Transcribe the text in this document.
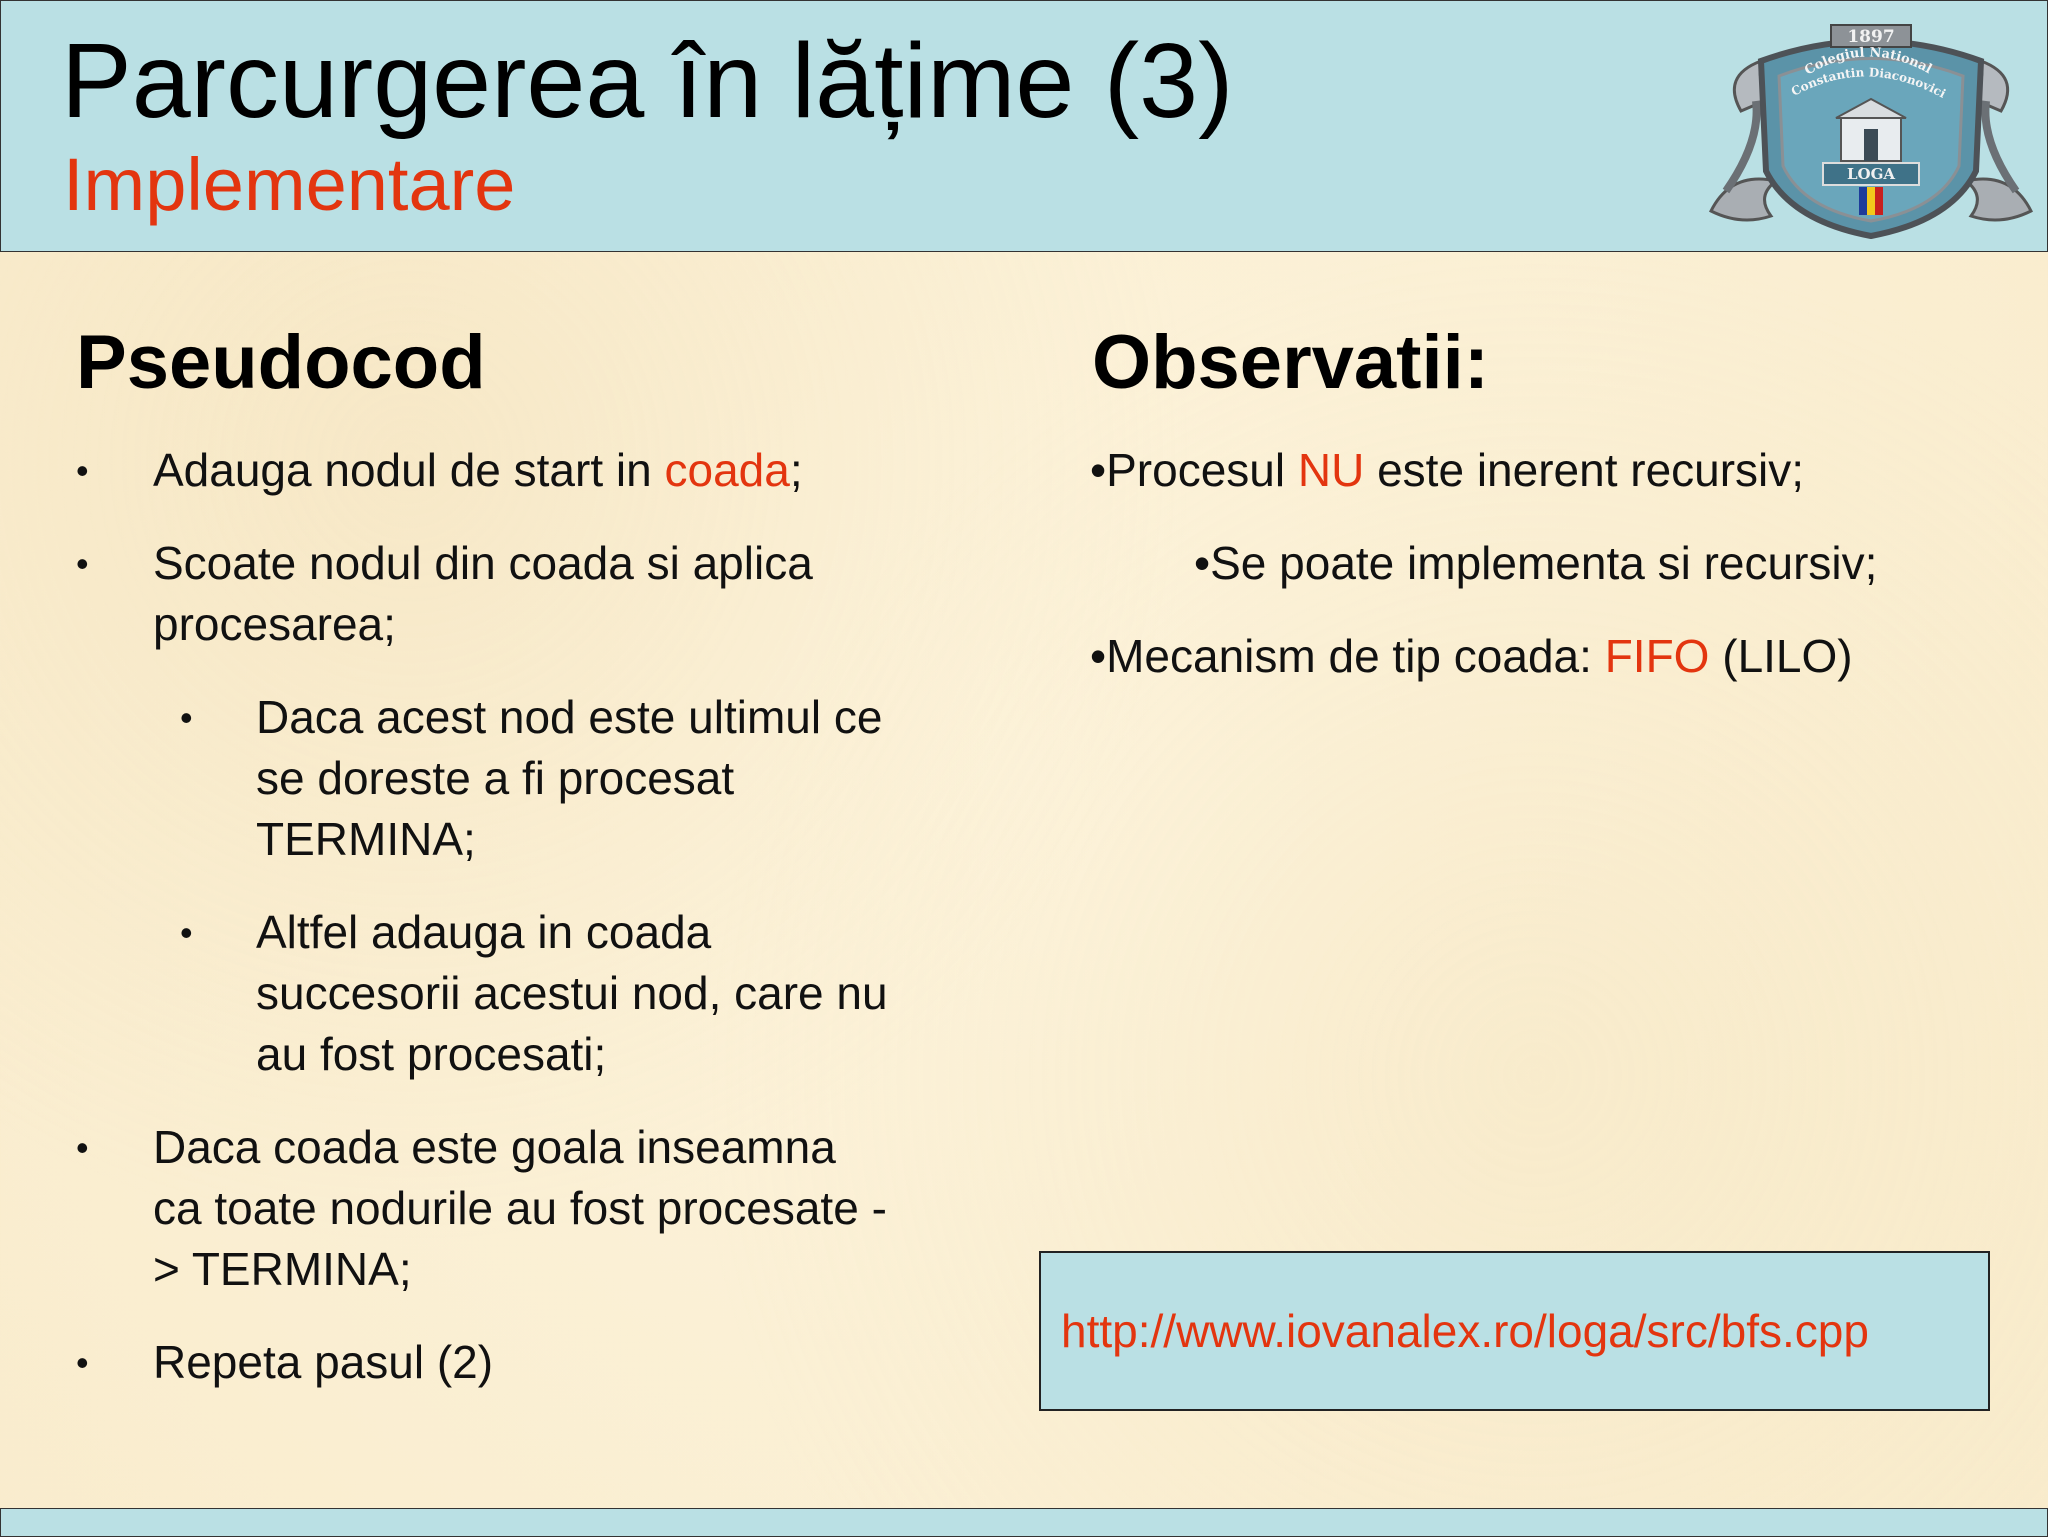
Parcurgerea în lățime (3)
Implementare
1897
Colegiul National
Constantin Diaconovici
LOGA
Pseudocod
• Adauga nodul de start in coada;
• Scoate nodul din coada si aplica procesarea;
• Daca acest nod este ultimul ce se doreste a fi procesat TERMINA;
• Altfel adauga in coada succesorii acestui nod, care nu au fost procesati;
• Daca coada este goala inseamna ca toate nodurile au fost procesate -> TERMINA;
• Repeta pasul (2)
Observatii:
•Procesul NU este inerent recursiv;
•Se poate implementa si recursiv;
•Mecanism de tip coada: FIFO (LILO)
http://www.iovanalex.ro/loga/src/bfs.cpp
